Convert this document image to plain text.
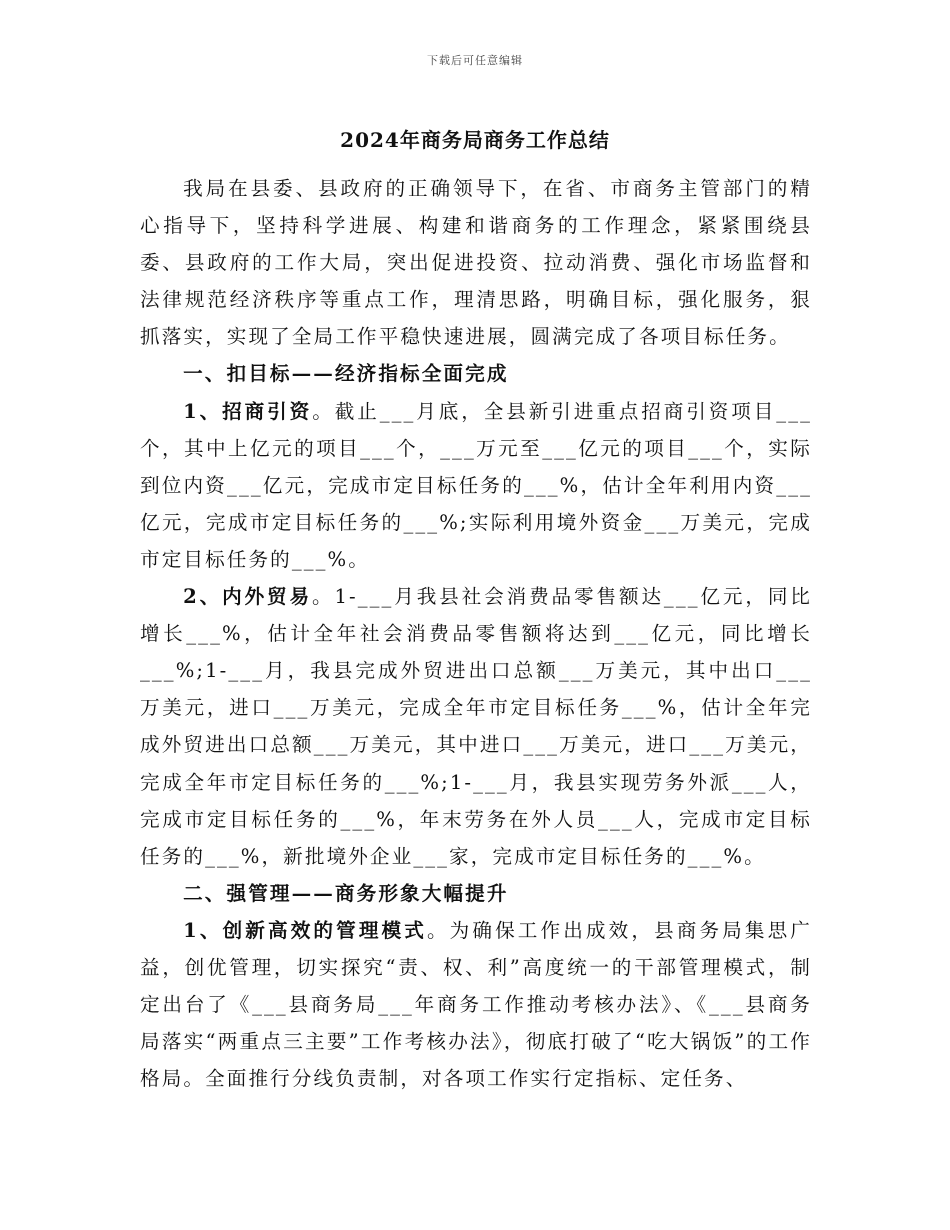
下载后可任意编辑
2024年商务局商务工作总结

我局在县委、县政府的正确领导下，在省、市商务主管部门的精心指导下，坚持科学进展、构建和谐商务的工作理念，紧紧围绕县委、县政府的工作大局，突出促进投资、拉动消费、强化市场监督和法律规范经济秩序等重点工作，理清思路，明确目标，强化服务，狠抓落实，实现了全局工作平稳快速进展，圆满完成了各项目标任务。

一、扣目标——经济指标全面完成

1、招商引资。截止___月底，全县新引进重点招商引资项目___个，其中上亿元的项目___个，___万元至___亿元的项目___个，实际到位内资___亿元，完成市定目标任务的___%，估计全年利用内资___亿元，完成市定目标任务的___%;实际利用境外资金___万美元，完成市定目标任务的___%。

2、内外贸易。1-___月我县社会消费品零售额达___亿元，同比增长___%，估计全年社会消费品零售额将达到___亿元，同比增长___%;1-___月，我县完成外贸进出口总额___万美元，其中出口___万美元，进口___万美元，完成全年市定目标任务___%，估计全年完成外贸进出口总额___万美元，其中进口___万美元，进口___万美元，完成全年市定目标任务的___%;1-___月，我县实现劳务外派___人，完成市定目标任务的___%，年末劳务在外人员___人，完成市定目标任务的___%，新批境外企业___家，完成市定目标任务的___%。

二、强管理——商务形象大幅提升

1、创新高效的管理模式。为确保工作出成效，县商务局集思广益，创优管理，切实探究“责、权、利”高度统一的干部管理模式，制定出台了《___县商务局___年商务工作推动考核办法》、《___县商务局落实“两重点三主要”工作考核办法》，彻底打破了“吃大锅饭”的工作格局。全面推行分线负责制，对各项工作实行定指标、定任务、
